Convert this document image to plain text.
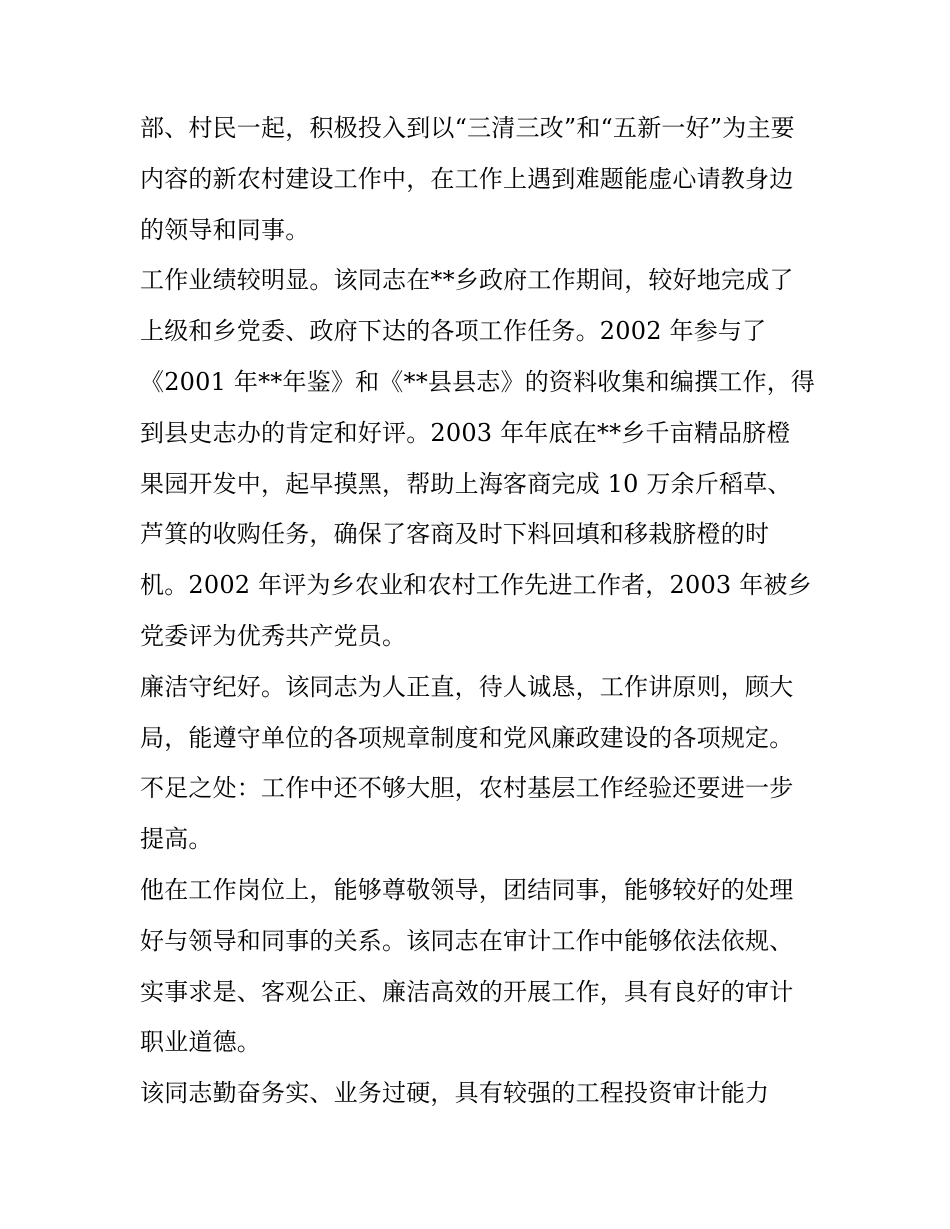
部、村民一起，积极投入到以“三清三改”和“五新一好”为主要
内容的新农村建设工作中，在工作上遇到难题能虚心请教身边
的领导和同事。
工作业绩较明显。该同志在**乡政府工作期间，较好地完成了
上级和乡党委、政府下达的各项工作任务。2002 年参与了
《2001 年**年鉴》和《**县县志》的资料收集和编撰工作，得
到县史志办的肯定和好评。2003 年年底在**乡千亩精品脐橙
果园开发中，起早摸黑，帮助上海客商完成 10 万余斤稻草、
芦箕的收购任务，确保了客商及时下料回填和移栽脐橙的时
机。2002 年评为乡农业和农村工作先进工作者，2003 年被乡
党委评为优秀共产党员。
廉洁守纪好。该同志为人正直，待人诚恳，工作讲原则，顾大
局，能遵守单位的各项规章制度和党风廉政建设的各项规定。
不足之处：工作中还不够大胆，农村基层工作经验还要进一步
提高。
他在工作岗位上，能够尊敬领导，团结同事，能够较好的处理
好与领导和同事的关系。该同志在审计工作中能够依法依规、
实事求是、客观公正、廉洁高效的开展工作，具有良好的审计
职业道德。
该同志勤奋务实、业务过硬，具有较强的工程投资审计能力
